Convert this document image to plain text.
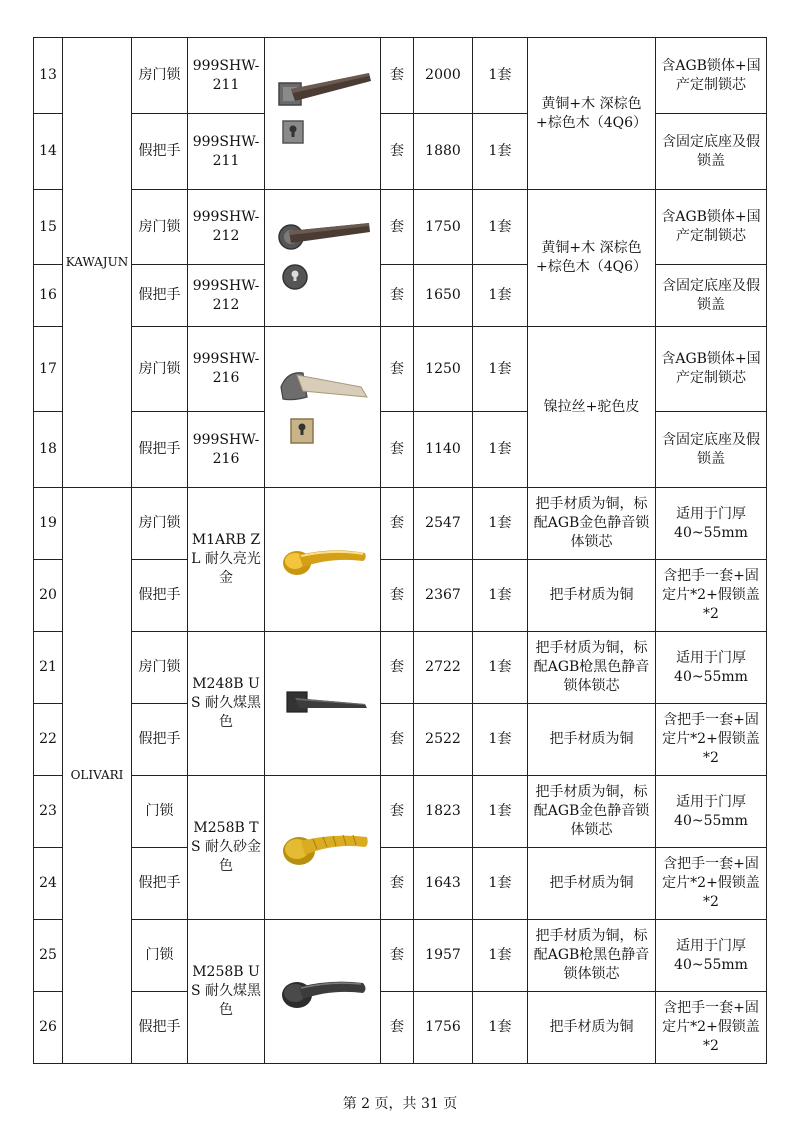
13	KAWAJUN	房门锁	999SHW-211		套	2000	1套	黄铜+木 深棕色+棕色木（4Q6）	含AGB锁体+国产定制锁芯
14		假把手	999SHW-211		套	1880	1套		含固定底座及假锁盖
15		房门锁	999SHW-212		套	1750	1套	黄铜+木 深棕色+棕色木（4Q6）	含AGB锁体+国产定制锁芯
16		假把手	999SHW-212		套	1650	1套		含固定底座及假锁盖
17		房门锁	999SHW-216		套	1250	1套	镍拉丝+驼色皮	含AGB锁体+国产定制锁芯
18		假把手	999SHW-216		套	1140	1套		含固定底座及假锁盖
19	OLIVARI	房门锁	M1ARB ZL 耐久亮光金		套	2547	1套	把手材质为铜，标配AGB金色静音锁体锁芯	适用于门厚40~55mm
20		假把手			套	2367	1套	把手材质为铜	含把手一套+固定片*2+假锁盖*2
21		房门锁	M248B US 耐久煤黑色		套	2722	1套	把手材质为铜，标配AGB枪黑色静音锁体锁芯	适用于门厚40~55mm
22		假把手			套	2522	1套	把手材质为铜	含把手一套+固定片*2+假锁盖*2
23		门锁	M258B TS 耐久砂金色		套	1823	1套	把手材质为铜，标配AGB金色静音锁体锁芯	适用于门厚40~55mm
24		假把手			套	1643	1套	把手材质为铜	含把手一套+固定片*2+假锁盖*2
25		门锁	M258B US 耐久煤黑色		套	1957	1套	把手材质为铜，标配AGB枪黑色静音锁体锁芯	适用于门厚40~55mm
26		假把手			套	1756	1套	把手材质为铜	含把手一套+固定片*2+假锁盖*2
第 2 页，共 31 页
